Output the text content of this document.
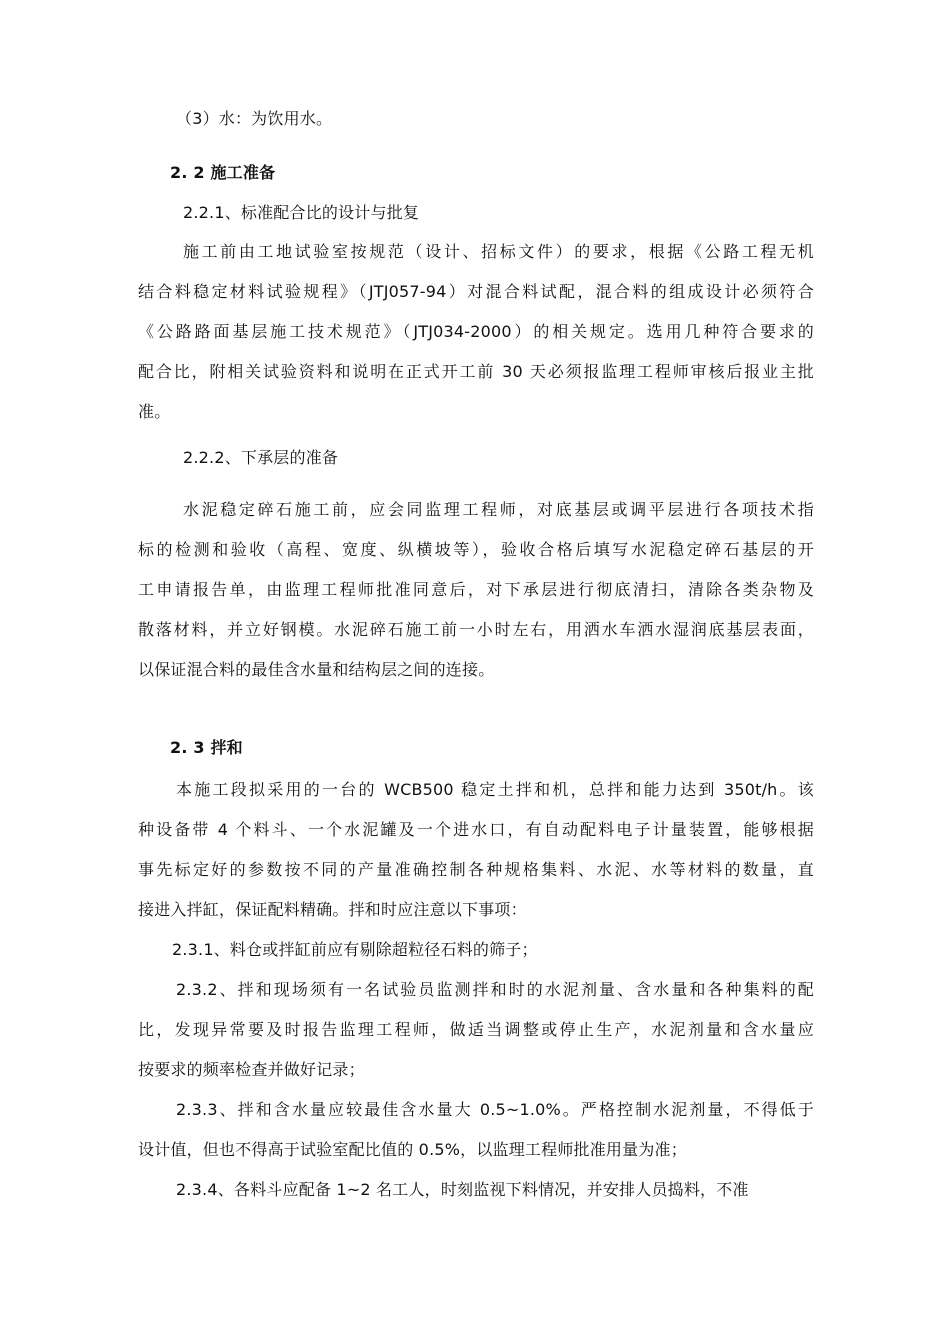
（3）水：为饮用水。
2. 2 施工准备
2.2.1、标准配合比的设计与批复
施工前由工地试验室按规范（设计、招标文件）的要求，根据《公路工程无机
结合料稳定材料试验规程》（JTJ057-94）对混合料试配，混合料的组成设计必须符合
《公路路面基层施工技术规范》（JTJ034-2000）的相关规定。选用几种符合要求的
配合比，附相关试验资料和说明在正式开工前 30 天必须报监理工程师审核后报业主批
准。
2.2.2、下承层的准备
水泥稳定碎石施工前，应会同监理工程师，对底基层或调平层进行各项技术指
标的检测和验收（高程、宽度、纵横坡等），验收合格后填写水泥稳定碎石基层的开
工申请报告单，由监理工程师批准同意后，对下承层进行彻底清扫，清除各类杂物及
散落材料，并立好钢模。水泥碎石施工前一小时左右，用洒水车洒水湿润底基层表面，
以保证混合料的最佳含水量和结构层之间的连接。
2. 3 拌和
本施工段拟采用的一台的 WCB500 稳定土拌和机，总拌和能力达到 350t/h。该
种设备带 4 个料斗、一个水泥罐及一个进水口，有自动配料电子计量装置，能够根据
事先标定好的参数按不同的产量准确控制各种规格集料、水泥、水等材料的数量，直
接进入拌缸，保证配料精确。拌和时应注意以下事项：
2.3.1、料仓或拌缸前应有剔除超粒径石料的筛子；
2.3.2、拌和现场须有一名试验员监测拌和时的水泥剂量、含水量和各种集料的配
比，发现异常要及时报告监理工程师，做适当调整或停止生产，水泥剂量和含水量应
按要求的频率检查并做好记录；
2.3.3、拌和含水量应较最佳含水量大 0.5~1.0%。严格控制水泥剂量，不得低于
设计值，但也不得高于试验室配比值的 0.5%，以监理工程师批准用量为准；
2.3.4、各料斗应配备 1~2 名工人，时刻监视下料情况，并安排人员捣料，不准
